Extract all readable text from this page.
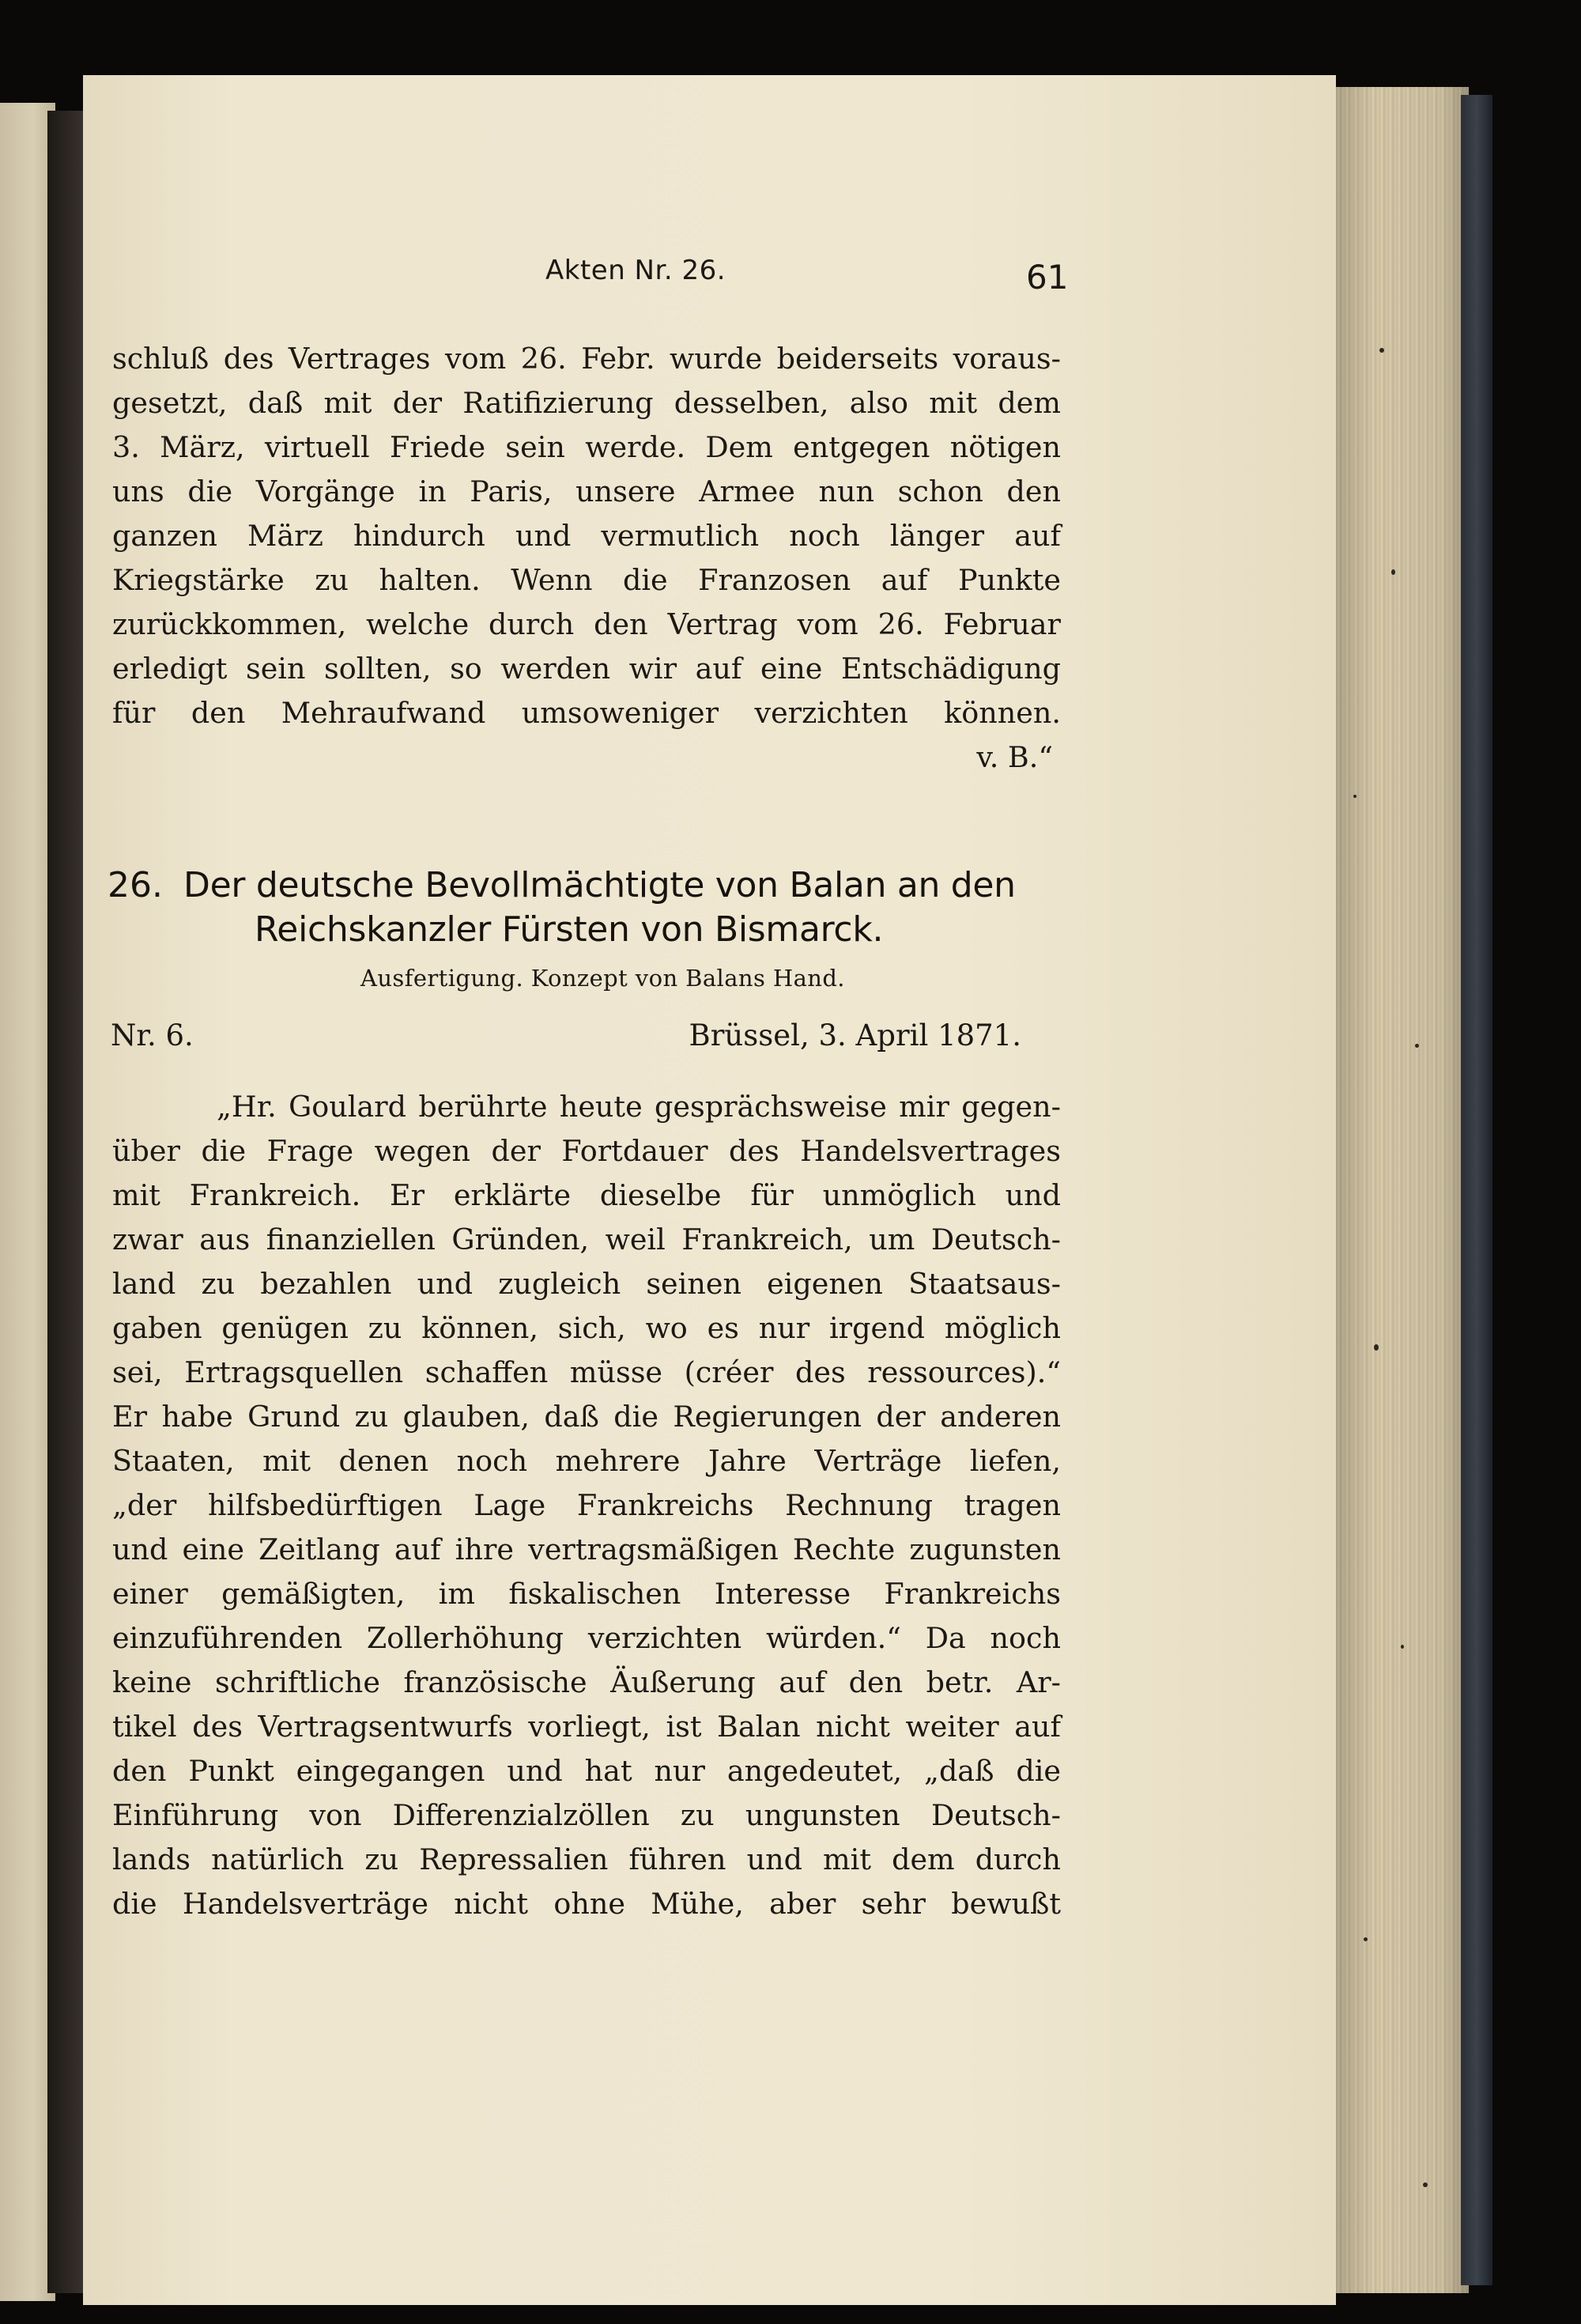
Akten Nr. 26.	61
schluß des Vertrages vom 26. Febr. wurde beiderseits voraus-
gesetzt, daß mit der Ratifizierung desselben, also mit dem
3. März, virtuell Friede sein werde. Dem entgegen nötigen
uns die Vorgänge in Paris, unsere Armee nun schon den
ganzen März hindurch und vermutlich noch länger auf
Kriegstärke zu halten. Wenn die Franzosen auf Punkte
zurückkommen, welche durch den Vertrag vom 26. Februar
erledigt sein sollten, so werden wir auf eine Entschädigung
für den Mehraufwand umsoweniger verzichten können.
v. B.“
26. Der deutsche Bevollmächtigte von Balan an den
Reichskanzler Fürsten von Bismarck.
Ausfertigung. Konzept von Balans Hand.
Nr. 6.	Brüssel, 3. April 1871.
„Hr. Goulard berührte heute gesprächsweise mir gegen-
über die Frage wegen der Fortdauer des Handelsvertrages
mit Frankreich. Er erklärte dieselbe für unmöglich und
zwar aus finanziellen Gründen, weil Frankreich, um Deutsch-
land zu bezahlen und zugleich seinen eigenen Staatsaus-
gaben genügen zu können, sich, wo es nur irgend möglich
sei, Ertragsquellen schaffen müsse (créer des ressources).“
Er habe Grund zu glauben, daß die Regierungen der anderen
Staaten, mit denen noch mehrere Jahre Verträge liefen,
„der hilfsbedürftigen Lage Frankreichs Rechnung tragen
und eine Zeitlang auf ihre vertragsmäßigen Rechte zugunsten
einer gemäßigten, im fiskalischen Interesse Frankreichs
einzuführenden Zollerhöhung verzichten würden.“ Da noch
keine schriftliche französische Äußerung auf den betr. Ar-
tikel des Vertragsentwurfs vorliegt, ist Balan nicht weiter auf
den Punkt eingegangen und hat nur angedeutet, „daß die
Einführung von Differenzialzöllen zu ungunsten Deutsch-
lands natürlich zu Repressalien führen und mit dem durch
die Handelsverträge nicht ohne Mühe, aber sehr bewußt
